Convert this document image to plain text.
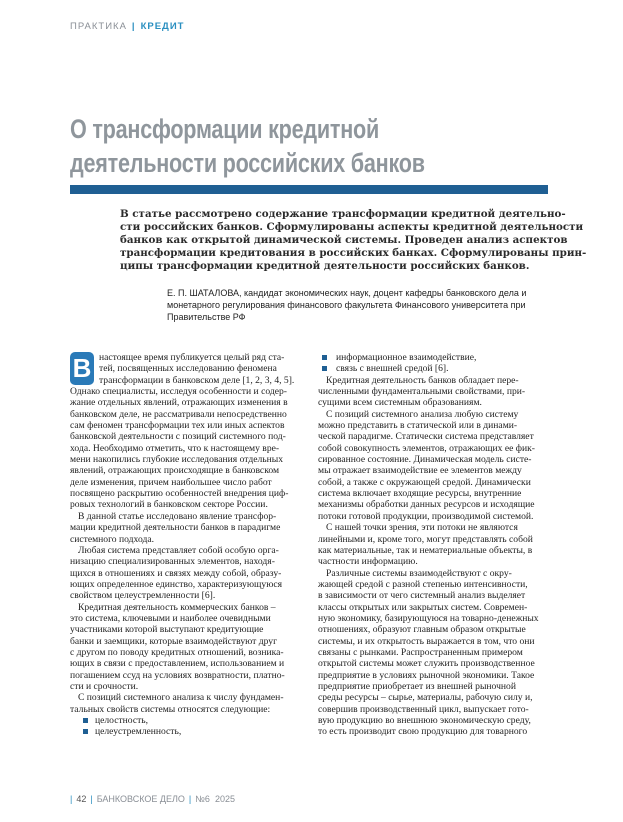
ПРАКТИКА | КРЕДИТ
О трансформации кредитной
деятельности российских банков
В статье рассмотрено содержание трансформации кредитной деятельно-
сти российских банков. Сформулированы аспекты кредитной деятельности
банков как открытой динамической системы. Проведен анализ аспектов
трансформации кредитования в российских банках. Сформулированы прин-
ципы трансформации кредитной деятельности российских банков.
Е. П. ШАТАЛОВА, кандидат экономических наук, доцент кафедры банковского дела и
монетарного регулирования финансового факультета Финансового университета при
Правительстве РФ
В настоящее время публикуется целый ряд ста-
тей, посвященных исследованию феномена
трансформации в банковском деле [1, 2, 3, 4, 5].
Однако специалисты, исследуя особенности и содер-
жание отдельных явлений, отражающих изменения в
банковском деле, не рассматривали непосредственно
сам феномен трансформации тех или иных аспектов
банковской деятельности с позиций системного под-
хода. Необходимо отметить, что к настоящему вре-
мени накопились глубокие исследования отдельных
явлений, отражающих происходящие в банковском
деле изменения, причем наибольшее число работ
посвящено раскрытию особенностей внедрения циф-
ровых технологий в банковском секторе России.

В данной статье исследовано явление трансфор-
мации кредитной деятельности банков в парадигме
системного подхода.

Любая система представляет собой особую орга-
низацию специализированных элементов, находя-
щихся в отношениях и связях между собой, образу-
ющих определенное единство, характеризующуюся
свойством целеустремленности [6].

Кредитная деятельность коммерческих банков –
это система, ключевыми и наиболее очевидными
участниками которой выступают кредитующие
банки и заемщики, которые взаимодействуют друг
с другом по поводу кредитных отношений, возника-
ющих в связи с предоставлением, использованием и
погашением ссуд на условиях возвратности, платно-
сти и срочности.

С позиций системного анализа к числу фундамен-
тальных свойств системы относятся следующие:

целостность,
целеустремленность,
информационное взаимодействие,
связь с внешней средой [6].

Кредитная деятельность банков обладает пере-
численными фундаментальными свойствами, при-
сущими всем системным образованиям.

С позиций системного анализа любую систему
можно представить в статической или в динами-
ческой парадигме. Статически система представляет
собой совокупность элементов, отражающих ее фик-
сированное состояние. Динамическая модель систе-
мы отражает взаимодействие ее элементов между
собой, а также с окружающей средой. Динамически
система включает входящие ресурсы, внутренние
механизмы обработки данных ресурсов и исходящие
потоки готовой продукции, производимой системой.

С нашей точки зрения, эти потоки не являются
линейными и, кроме того, могут представлять собой
как материальные, так и нематериальные объекты, в
частности информацию.

Различные системы взаимодействуют с окру-
жающей средой с разной степенью интенсивности,
в зависимости от чего системный анализ выделяет
классы открытых или закрытых систем. Современ-
ную экономику, базирующуюся на товарно-денежных
отношениях, образуют главным образом открытые
системы, и их открытость выражается в том, что они
связаны с рынками. Распространенным примером
открытой системы может служить производственное
предприятие в условиях рыночной экономики. Такое
предприятие приобретает из внешней рыночной
среды ресурсы – сырье, материалы, рабочую силу и,
совершив производственный цикл, выпускает гото-
вую продукцию во внешнюю экономическую среду,
то есть производит свою продукцию для товарного

| 42 | БАНКОВСКОЕ ДЕЛО | №6 2025
